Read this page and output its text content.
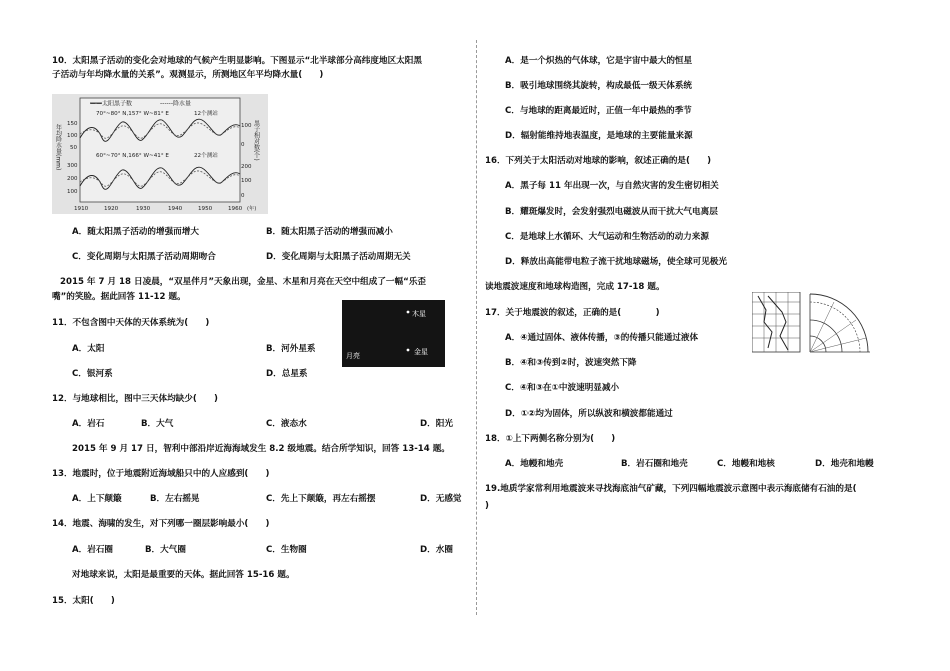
10．太阳黑子活动的变化会对地球的气候产生明显影响。下图显示“北半球部分高纬度地区太阳黑
子活动与年均降水量的关系”。观测显示，所测地区年平均降水量(　　)
——太阳黑子数	------降水量
70°~80° N,157° W~81° E	12个测站
60°~70° N,166° W~41° E	22个测站
年均降水量(mm)	黑子相对数(个)
150
100
50
300
200
100
100
0
200
100
0
1910	1920	1930	1940	1950	1960 (年)
A．随太阳黑子活动的增强而增大	B．随太阳黑子活动的增强而减小
C．变化周期与太阳黑子活动周期吻合	D．变化周期与太阳黑子活动周期无关
2015 年 7 月 18 日凌晨，“双星伴月”天象出现，金星、木星和月亮在天空中组成了一幅“乐歪
嘴”的笑脸。据此回答 11-12 题。
木星
金星
月亮
11．不包含图中天体的天体系统为(　　)
A．太阳	B．河外星系
C．银河系	D．总星系
12．与地球相比，图中三天体均缺少(　　)
A．岩石	B．大气	C．液态水	D．阳光
2015 年 9 月 17 日，智利中部沿岸近海海域发生 8.2 级地震。结合所学知识，回答 13-14 题。
13．地震时，位于地震附近海域船只中的人应感到(　　)
A．上下颠簸	B．左右摇晃	C．先上下颠簸，再左右摇摆	D．无感觉
14．地震、海啸的发生，对下列哪一圈层影响最小(　　)
A．岩石圈	B．大气圈	C．生物圈	D．水圈
对地球来说，太阳是最重要的天体。据此回答 15-16 题。
15．太阳(　　)
A．是一个炽热的气体球，它是宇宙中最大的恒星
B．吸引地球围绕其旋转，构成最低一级天体系统
C．与地球的距离最近时，正值一年中最热的季节
D．辐射能维持地表温度，是地球的主要能量来源
16．下列关于太阳活动对地球的影响，叙述正确的是(　　)
A．黑子每 11 年出现一次，与自然灾害的发生密切相关
B．耀斑爆发时，会发射强烈电磁波从而干扰大气电离层
C．是地球上水循环、大气运动和生物活动的动力来源
D．释放出高能带电粒子流干扰地球磁场，使全球可见极光
读地震波速度和地球构造图，完成 17-18 题。
17．关于地震波的叙述，正确的是(　　　　)
A．④通过固体、液体传播，③的传播只能通过液体
B．④和③传到②时，波速突然下降
C．④和③在①中波速明显减小
D．①②均为固体，所以纵波和横波都能通过
18．①上下两侧名称分别为(　　)
A．地幔和地壳	B．岩石圈和地壳	C．地幔和地核	D．地壳和地幔
19.地质学家常利用地震波来寻找海底油气矿藏，下列四幅地震波示意图中表示海底储有石油的是(
)
